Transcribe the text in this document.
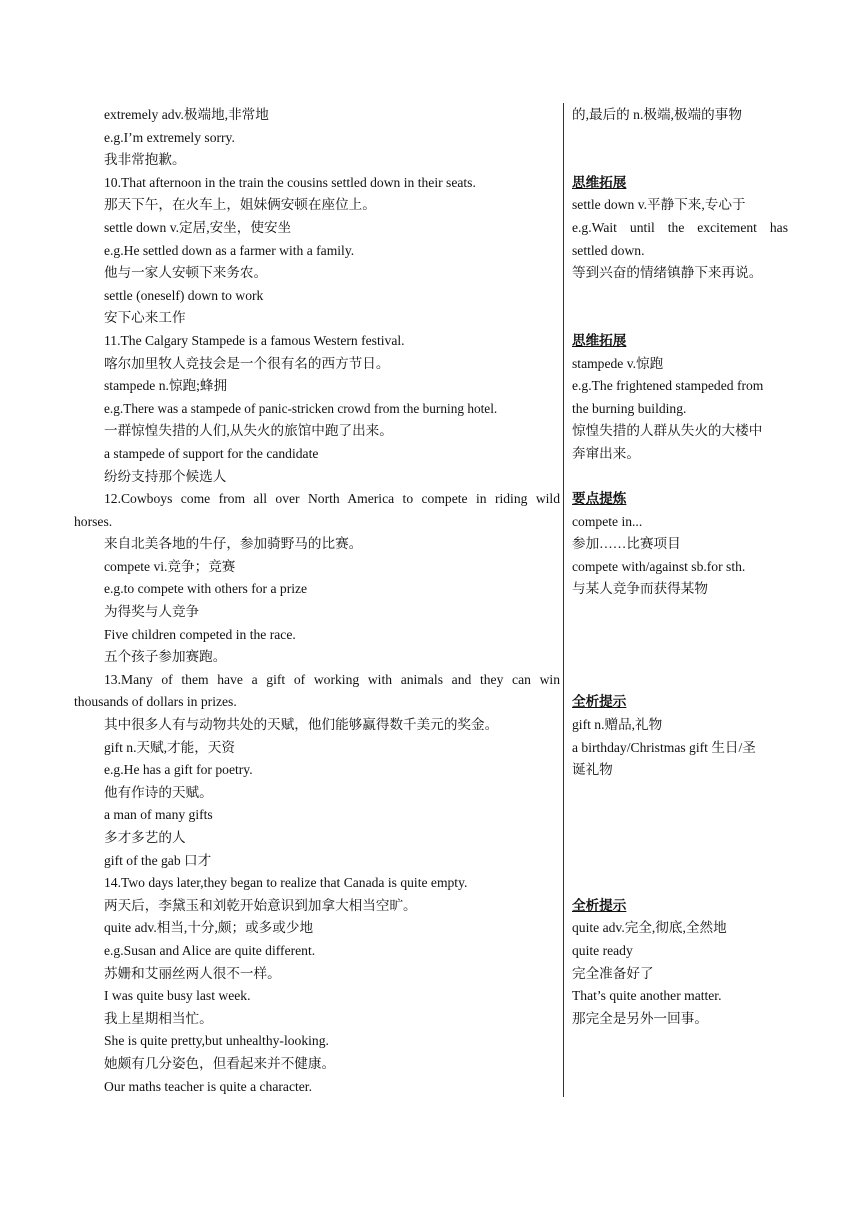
extremely adv.极端地,非常地
e.g.I’m extremely sorry.
我非常抱歉。
10.That afternoon in the train the cousins settled down in their seats.
那天下午，在火车上，姐妹俩安顿在座位上。
settle down v.定居,安坐，使安坐
e.g.He settled down as a farmer with a family.
他与一家人安顿下来务农。
settle (oneself) down to work
安下心来工作
11.The Calgary Stampede is a famous Western festival.
喀尔加里牧人竞技会是一个很有名的西方节日。
stampede n.惊跑;蜂拥
e.g.There was a stampede of panic-stricken crowd from the burning hotel.
一群惊惶失措的人们,从失火的旅馆中跑了出来。
a stampede of support for the candidate
纷纷支持那个候选人
12.Cowboys come from all over North America to compete in riding wild
horses.
来自北美各地的牛仔，参加骑野马的比赛。
compete vi.竞争；竞赛
e.g.to compete with others for a prize
为得奖与人竞争
Five children competed in the race.
五个孩子参加赛跑。
13.Many of them have a gift of working with animals and they can win
thousands of dollars in prizes.
其中很多人有与动物共处的天赋，他们能够赢得数千美元的奖金。
gift n.天赋,才能，天资
e.g.He has a gift for poetry.
他有作诗的天赋。
a man of many gifts
多才多艺的人
gift of the gab 口才
14.Two days later,they began to realize that Canada is quite empty.
两天后，李黛玉和刘乾开始意识到加拿大相当空旷。
quite adv.相当,十分,颇；或多或少地
e.g.Susan and Alice are quite different.
苏姗和艾丽丝两人很不一样。
I was quite busy last week.
我上星期相当忙。
She is quite pretty,but unhealthy-looking.
她颇有几分姿色，但看起来并不健康。
Our maths teacher is quite a character.
的,最后的 n.极端,极端的事物
思维拓展
settle down v.平静下来,专心于
e.g.Wait until the excitement has
settled down.
等到兴奋的情绪镇静下来再说。
思维拓展
stampede v.惊跑
e.g.The frightened stampeded from
the burning building.
惊惶失措的人群从失火的大楼中
奔窜出来。
要点提炼
compete in...
参加……比赛项目
compete with/against sb.for sth.
与某人竞争而获得某物
全析提示
gift n.赠品,礼物
a birthday/Christmas gift 生日/圣
诞礼物
全析提示
quite adv.完全,彻底,全然地
quite ready
完全准备好了
That’s quite another matter.
那完全是另外一回事。
